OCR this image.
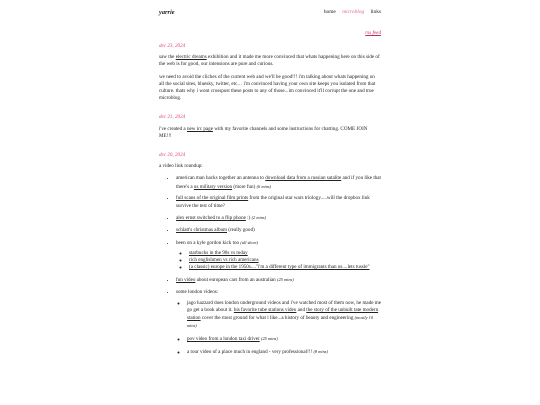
yarrie	home microblog links
rss feed
dec 23, 2024

saw the electric dreams exhibition and it made me more convinced that whats happening here on this side of the web is for good, our intensions are pure and curious.

we need to avoid the cliches of the current web and we'll be good!!! i'm talking about whats happening on all the social sites, bluesky, twitter, etc… i'm convinced having your own site keeps you isolated from that culture. thats why i wont crosspost these posts to any of those...im convinced it'll corrupt the one and true microblog.

dec 21, 2024

i've created a new irc page with my favorite channels and some instructions for chatting. COME JOIN ME!!!

dec 20, 2024

a video link roundup:

• american man hacks together an antenna to download data from a russian satalite and if you like that there's a us military version (more fun) (6 mins)
• full scans of the original film prints from the original star wars triology.....will the dropbox link survive the test of time?
• alex ernst switched to a flip phone :) (2 mins)
• schlatt's christmas album (really good)
• been on a kyle gordon kick too (all short)
◦ starbucks in the 90s vs today
◦ rich englishmen vs rich americans
◦ (a classic) europe in the 1950s...."i'm a different type of immigrants than us....lets tussle"
• fun video about european cars from an australian (25 mins)
• some london videos:
◦ jago hazzard does london underground videos and i've watched most of them now, he made me go get a book about it. his favorite tube stations video and the story of the unbuilt tate modern station cover the most ground for what i like...a history of beauty and engineering (mostly 10 mins)
◦ pov video from a london taxi driver (25 mins)
◦ a tour video of a place much in england - very professional!!! (8 mins)
